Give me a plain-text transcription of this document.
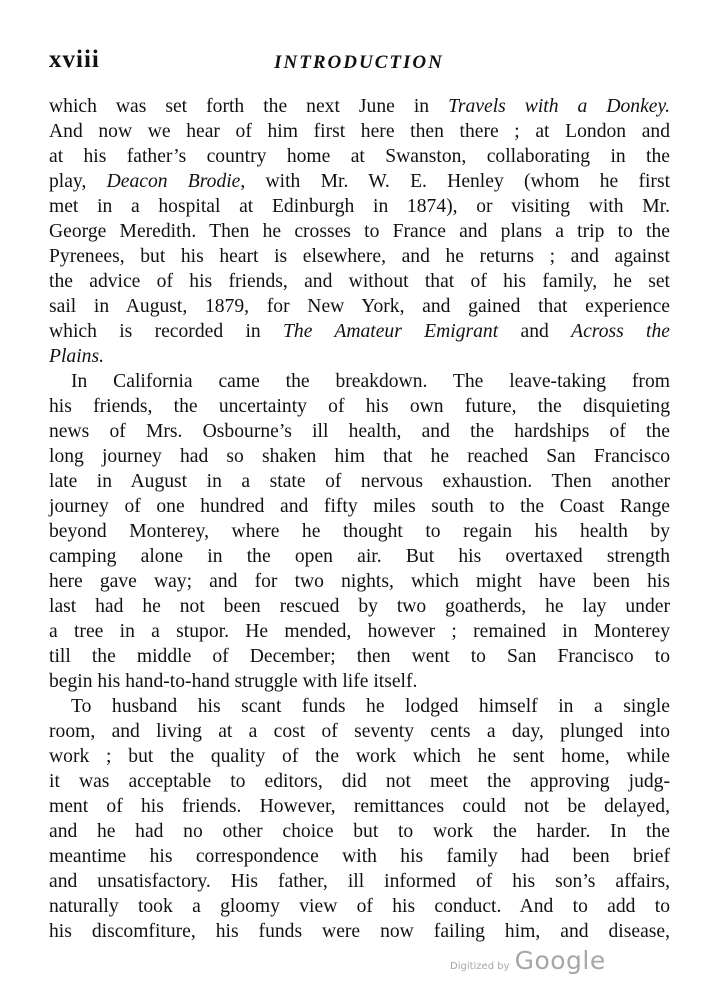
xviii	INTRODUCTION
which was set forth the next June in Travels with a Donkey.
And now we hear of him first here then there ; at London and
at his father’s country home at Swanston, collaborating in the
play, Deacon Brodie, with Mr. W. E. Henley (whom he first
met in a hospital at Edinburgh in 1874), or visiting with Mr.
George Meredith. Then he crosses to France and plans a trip to the
Pyrenees, but his heart is elsewhere, and he returns ; and against
the advice of his friends, and without that of his family, he set
sail in August, 1879, for New York, and gained that experience
which is recorded in The Amateur Emigrant and Across the
Plains.
In California came the breakdown. The leave-taking from
his friends, the uncertainty of his own future, the disquieting
news of Mrs. Osbourne’s ill health, and the hardships of the
long journey had so shaken him that he reached San Francisco
late in August in a state of nervous exhaustion. Then another
journey of one hundred and fifty miles south to the Coast Range
beyond Monterey, where he thought to regain his health by
camping alone in the open air. But his overtaxed strength
here gave way; and for two nights, which might have been his
last had he not been rescued by two goatherds, he lay under
a tree in a stupor. He mended, however ; remained in Monterey
till the middle of December; then went to San Francisco to
begin his hand-to-hand struggle with life itself.
To husband his scant funds he lodged himself in a single
room, and living at a cost of seventy cents a day, plunged into
work ; but the quality of the work which he sent home, while
it was acceptable to editors, did not meet the approving judg-
ment of his friends. However, remittances could not be delayed,
and he had no other choice but to work the harder. In the
meantime his correspondence with his family had been brief
and unsatisfactory. His father, ill informed of his son’s affairs,
naturally took a gloomy view of his conduct. And to add to
his discomfiture, his funds were now failing him, and disease,
Digitized by Google
